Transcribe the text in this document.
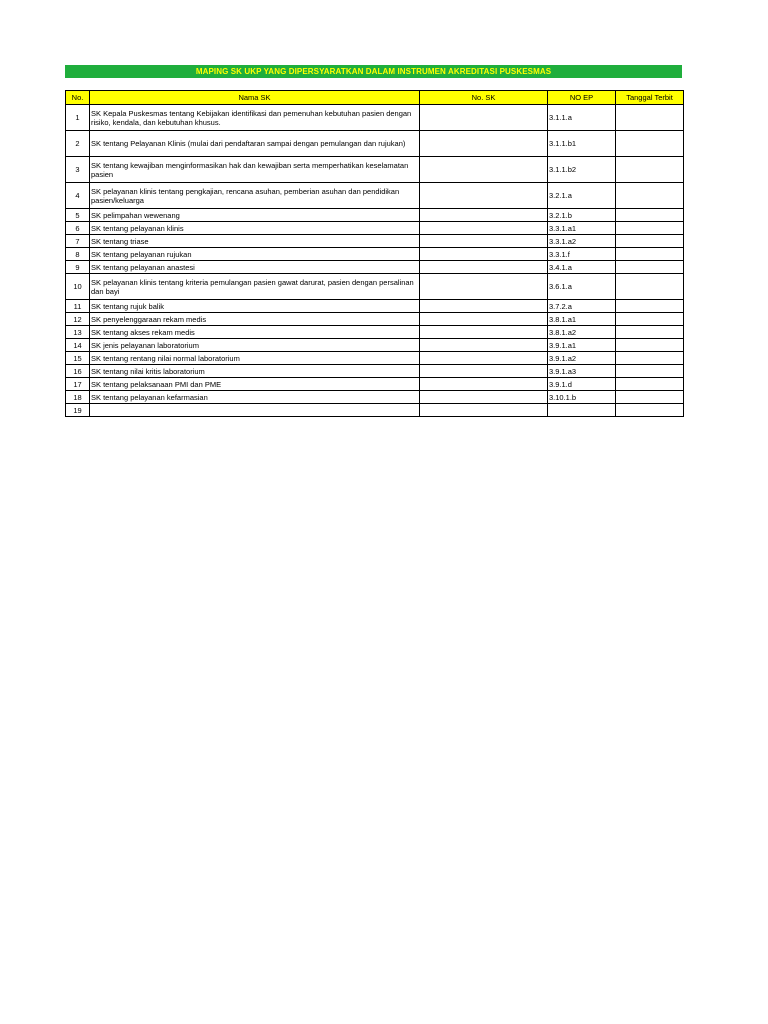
MAPING SK UKP YANG DIPERSYARATKAN DALAM INSTRUMEN AKREDITASI PUSKESMAS
No.	Nama SK	No. SK	NO EP	Tanggal Terbit
1	SK Kepala Puskesmas tentang Kebijakan identifikasi dan pemenuhan kebutuhan pasien dengan risiko, kendala, dan kebutuhan khusus.		3.1.1.a	
2	SK tentang Pelayanan Klinis (mulai dari pendaftaran sampai dengan pemulangan dan rujukan)		3.1.1.b1	
3	SK tentang kewajiban menginformasikan hak dan kewajiban serta memperhatikan keselamatan pasien		3.1.1.b2	
4	SK pelayanan klinis tentang pengkajian, rencana asuhan, pemberian asuhan dan pendidikan pasien/keluarga		3.2.1.a	
5	SK pelimpahan wewenang		3.2.1.b	
6	SK tentang pelayanan klinis		3.3.1.a1	
7	SK tentang triase		3.3.1.a2	
8	SK tentang pelayanan rujukan		3.3.1.f	
9	SK tentang pelayanan anastesi		3.4.1.a	
10	SK pelayanan klinis tentang kriteria pemulangan pasien gawat darurat, pasien dengan persalinan dan bayi		3.6.1.a	
11	SK tentang rujuk balik		3.7.2.a	
12	SK penyelenggaraan rekam medis		3.8.1.a1	
13	SK tentang akses rekam medis		3.8.1.a2	
14	SK jenis pelayanan laboratorium		3.9.1.a1	
15	SK tentang rentang nilai normal laboratorium		3.9.1.a2	
16	SK tentang nilai kritis laboratorium		3.9.1.a3	
17	SK tentang pelaksanaan PMI dan PME		3.9.1.d	
18	SK tentang pelayanan kefarmasian		3.10.1.b	
19				
